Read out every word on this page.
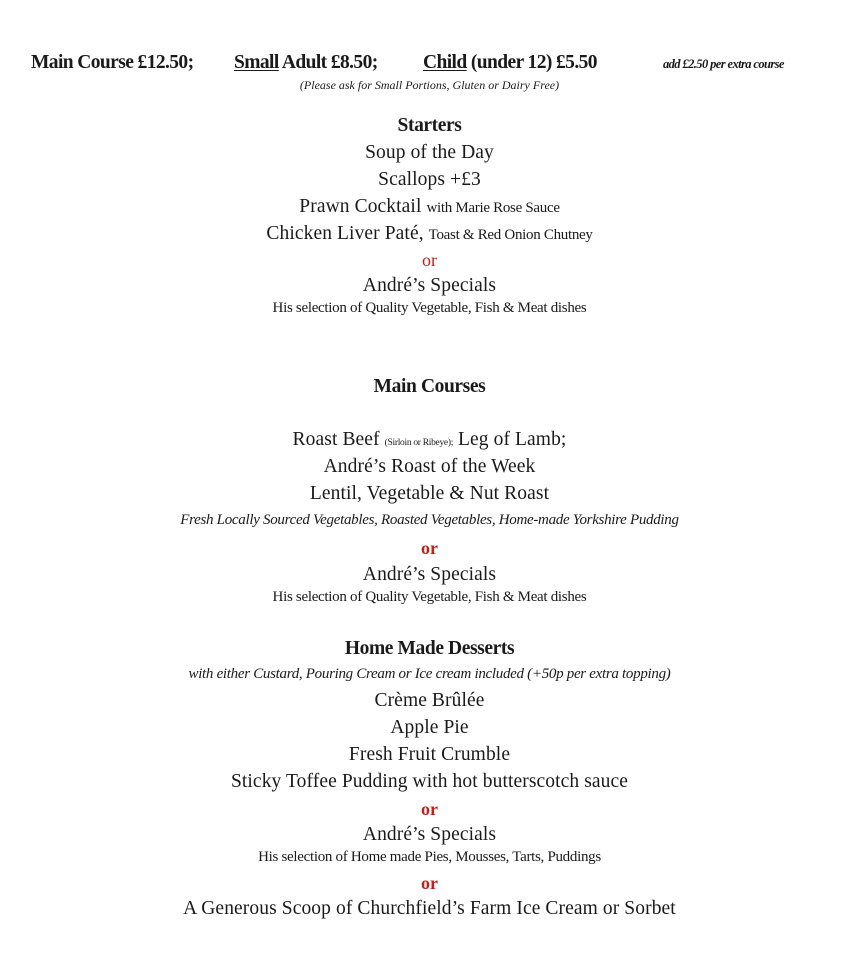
Main Course £12.50; Small Adult £8.50; Child (under 12) £5.50	add £2.50 per extra course
(Please ask for Small Portions, Gluten or Dairy Free)
Starters
Soup of the Day
Scallops +£3
Prawn Cocktail with Marie Rose Sauce
Chicken Liver Paté, Toast & Red Onion Chutney
or
André’s Specials
His selection of Quality Vegetable, Fish & Meat dishes
Main Courses
Roast Beef (Sirloin or Ribeye); Leg of Lamb;
André’s Roast of the Week
Lentil, Vegetable & Nut Roast
Fresh Locally Sourced Vegetables, Roasted Vegetables, Home-made Yorkshire Pudding
or
André’s Specials
His selection of Quality Vegetable, Fish & Meat dishes
Home Made Desserts
with either Custard, Pouring Cream or Ice cream included (+50p per extra topping)
Crème Brûlée
Apple Pie
Fresh Fruit Crumble
Sticky Toffee Pudding with hot butterscotch sauce
or
André’s Specials
His selection of Home made Pies, Mousses, Tarts, Puddings
or
A Generous Scoop of Churchfield’s Farm Ice Cream or Sorbet
